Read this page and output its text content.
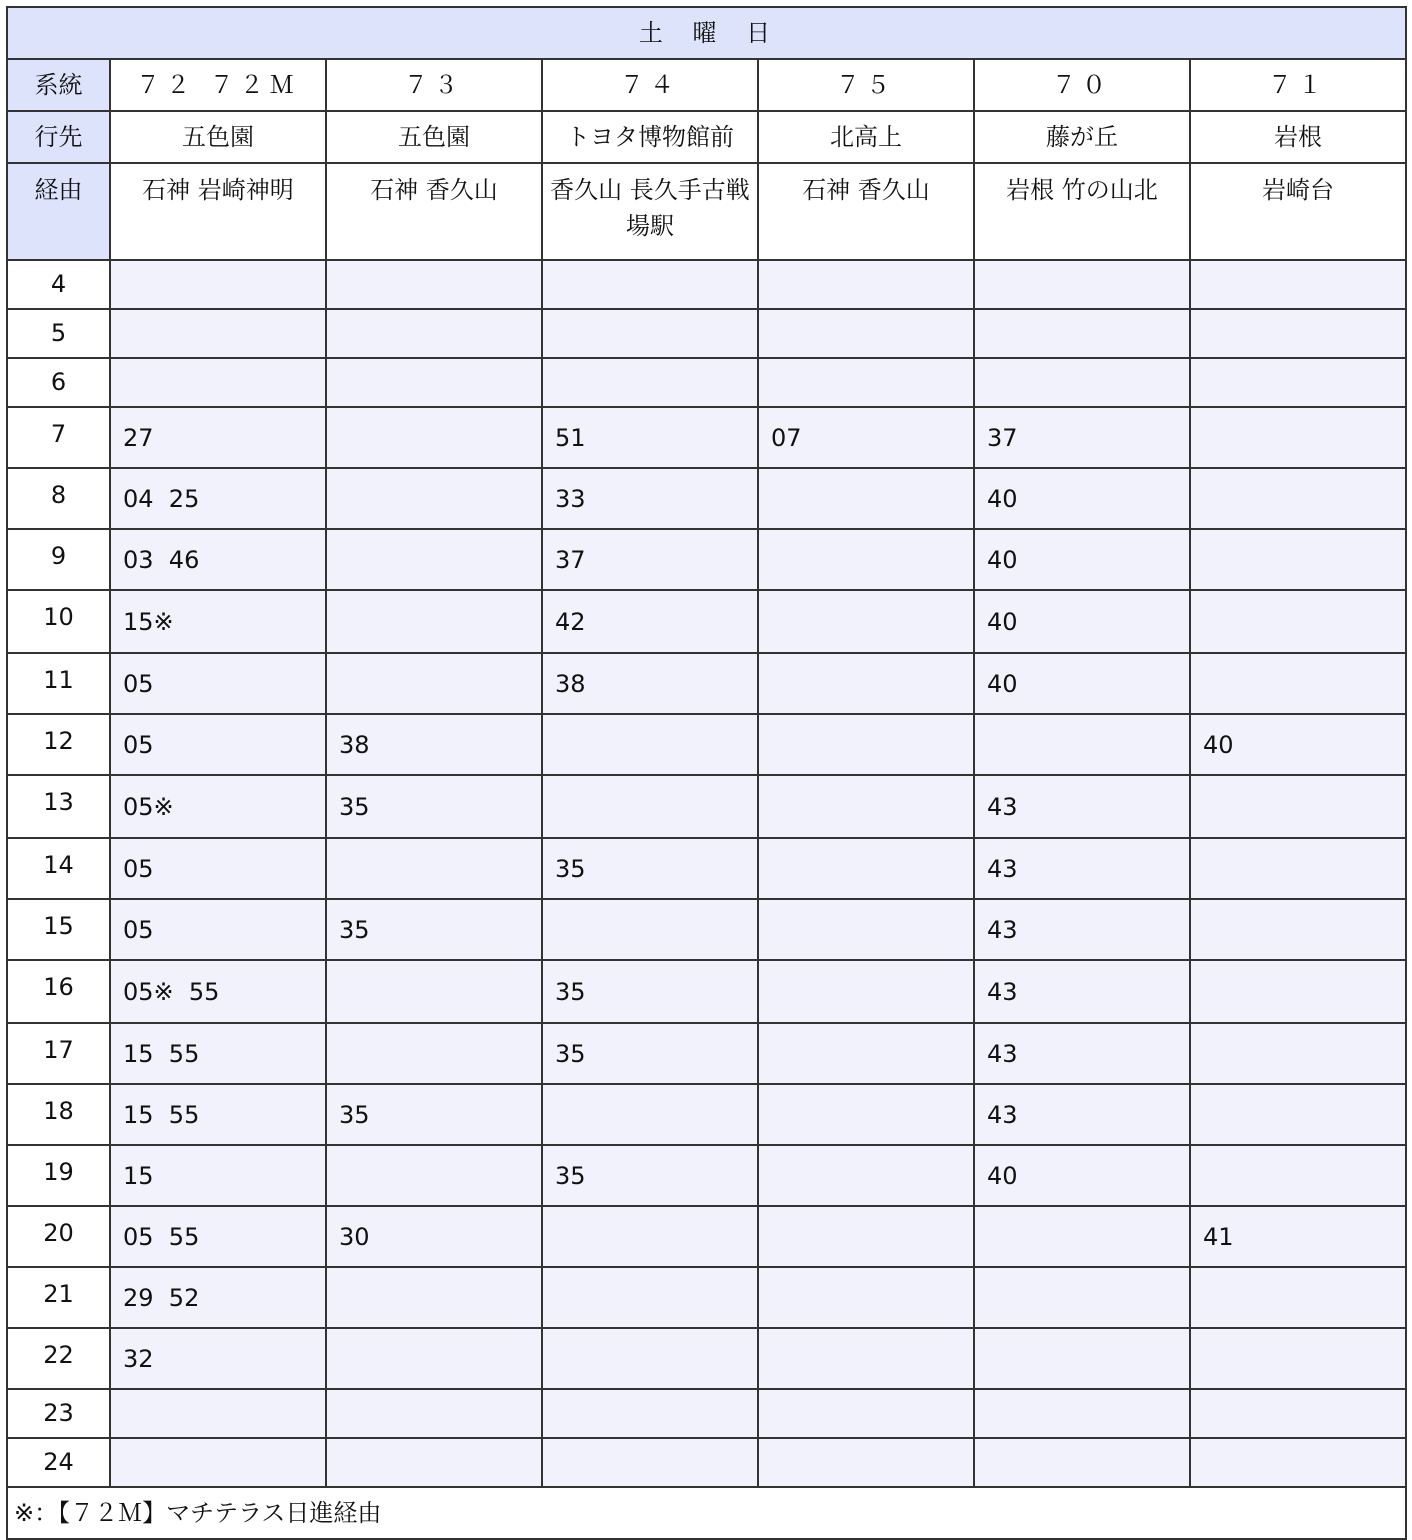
土 曜 日						
系統	７２ ７２Ｍ	７３	７４	７５	７０	７１
行先	五色園	五色園	トヨタ博物館前	北高上	藤が丘	岩根
経由	石神 岩崎神明	石神 香久山	香久山 長久手古戦場駅	石神 香久山	岩根 竹の山北	岩崎台

4						
5						
6						
7	27		51	07	37	
8	04  25		33		40	
9	03  46		37		40	
10	15※		42		40	
11	05		38		40	
12	05	38				40
13	05※	35			43	
14	05		35		43	
15	05	35			43	
16	05※  55		35		43	
17	15  55		35		43	
18	15  55	35			43	
19	15		35		40	
20	05  55	30				41
21	29  52					
22	32					
23						
24						
※：【７２Ｍ】マチテラス日進経由						
